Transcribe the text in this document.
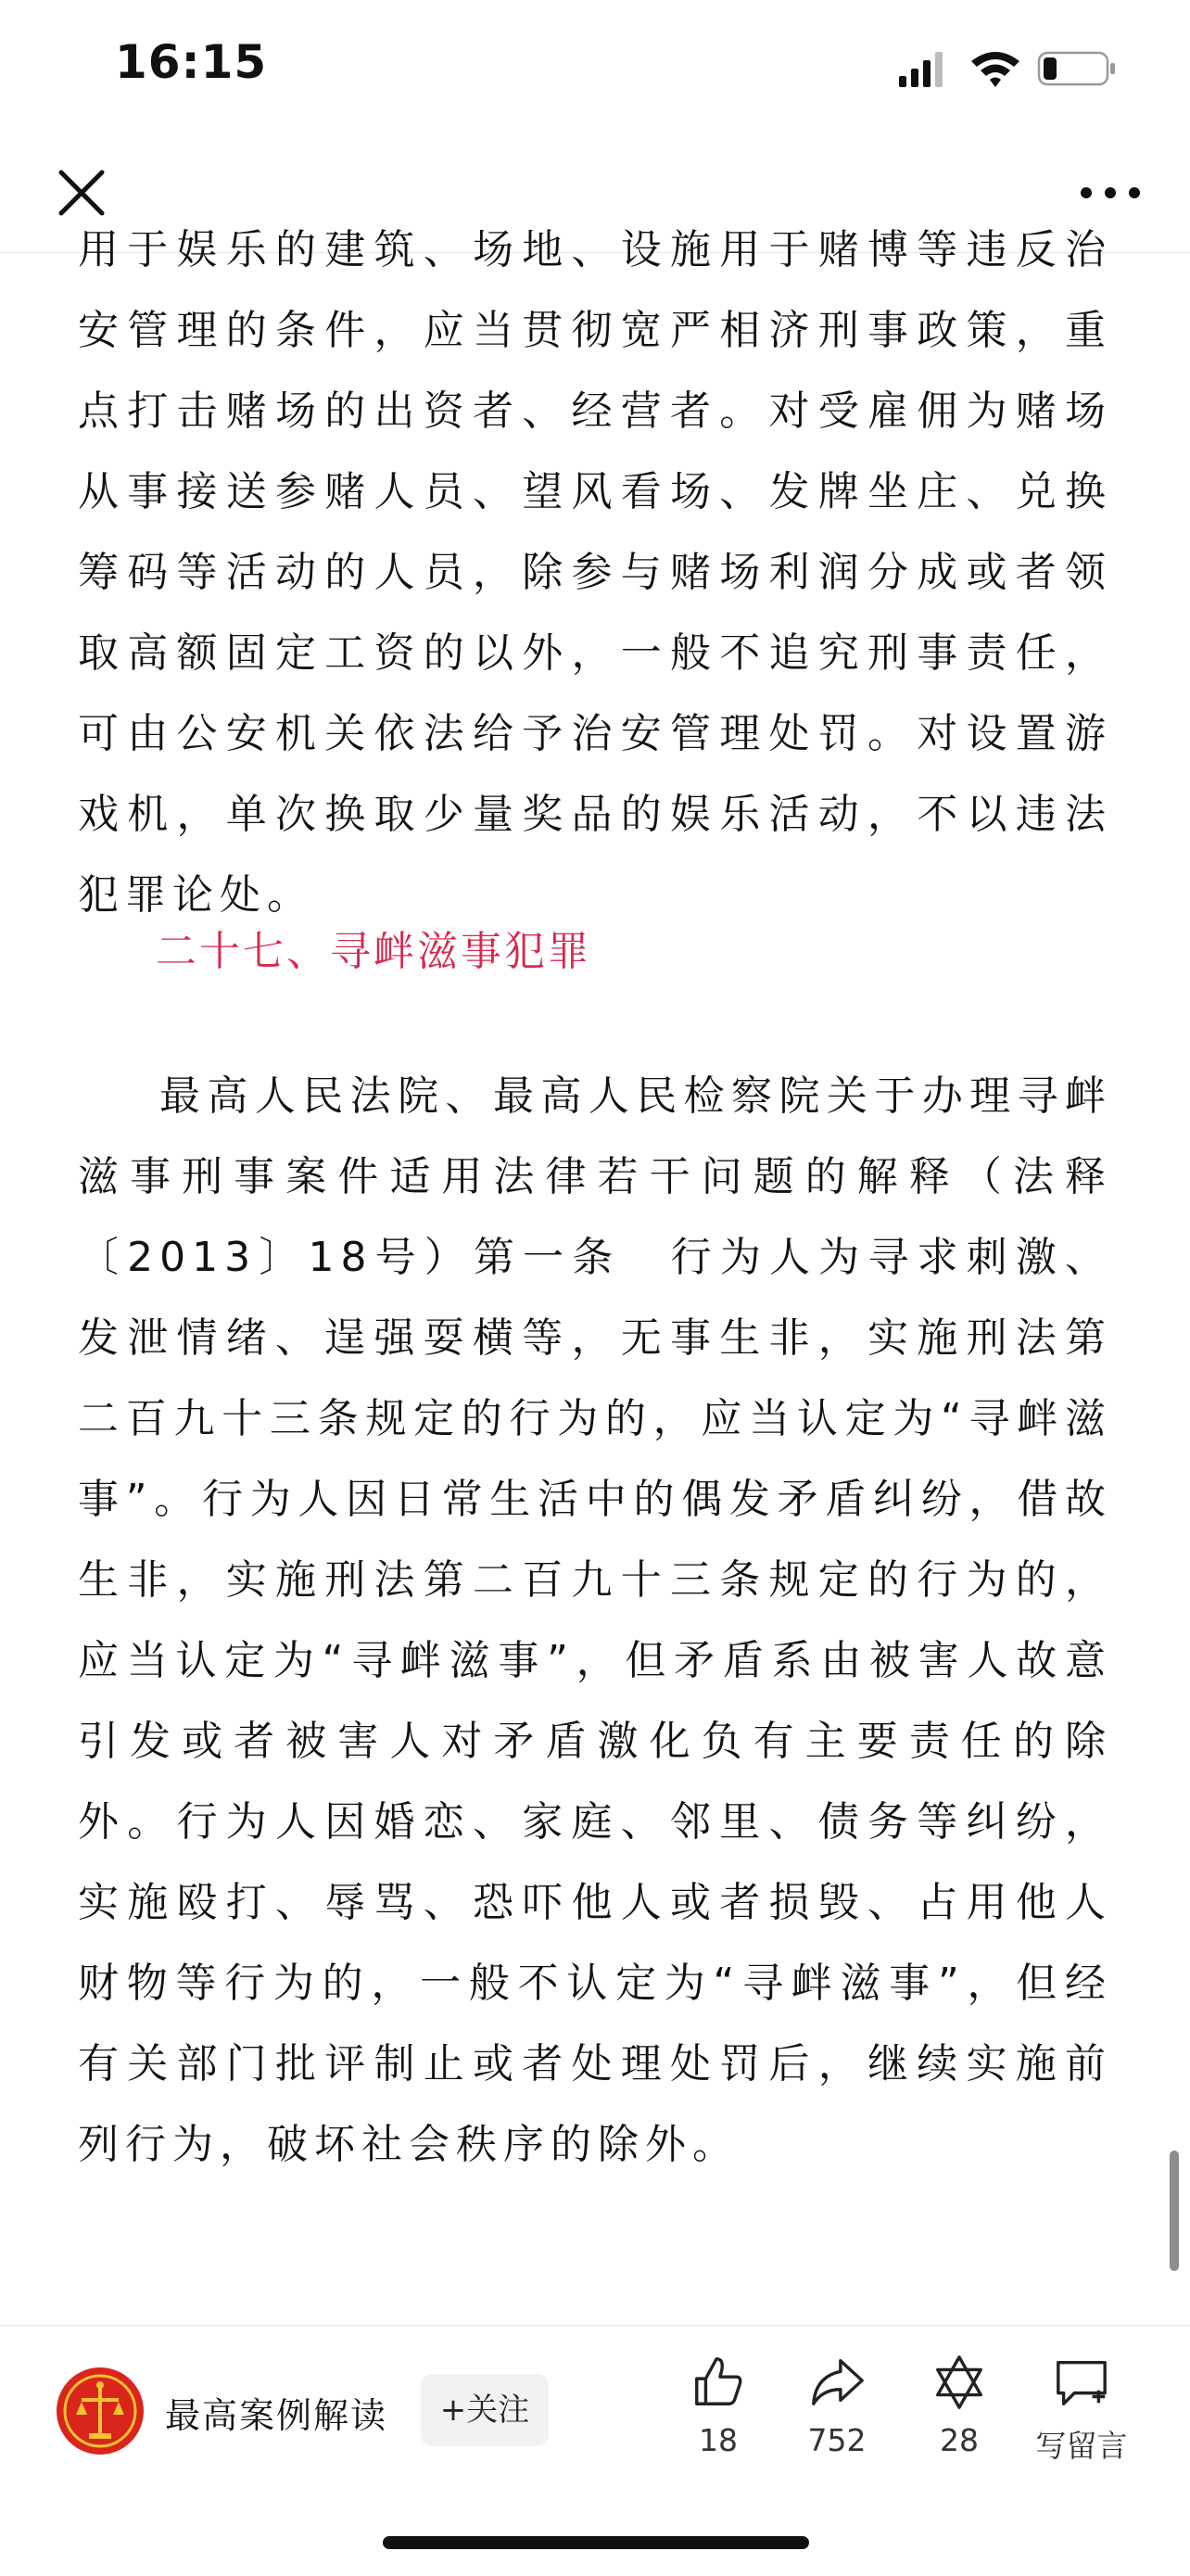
16:15

用于娱乐的建筑、场地、设施用于赌博等违反治安管理的条件，应当贯彻宽严相济刑事政策，重点打击赌场的出资者、经营者。对受雇佣为赌场从事接送参赌人员、望风看场、发牌坐庄、兑换筹码等活动的人员，除参与赌场利润分成或者领取高额固定工资的以外，一般不追究刑事责任，可由公安机关依法给予治安管理处罚。对设置游戏机，单次换取少量奖品的娱乐活动，不以违法犯罪论处。

二十七、寻衅滋事犯罪

最高人民法院、最高人民检察院关于办理寻衅滋事刑事案件适用法律若干问题的解释（法释〔2013〕18号）第一条　行为人为寻求刺激、发泄情绪、逞强耍横等，无事生非，实施刑法第二百九十三条规定的行为的，应当认定为“寻衅滋事”。行为人因日常生活中的偶发矛盾纠纷，借故生非，实施刑法第二百九十三条规定的行为的，应当认定为“寻衅滋事”，但矛盾系由被害人故意引发或者被害人对矛盾激化负有主要责任的除外。行为人因婚恋、家庭、邻里、债务等纠纷，实施殴打、辱骂、恐吓他人或者损毁、占用他人财物等行为的，一般不认定为“寻衅滋事”，但经有关部门批评制止或者处理处罚后，继续实施前列行为，破坏社会秩序的除外。

最高案例解读	+关注
18	752	28	写留言
